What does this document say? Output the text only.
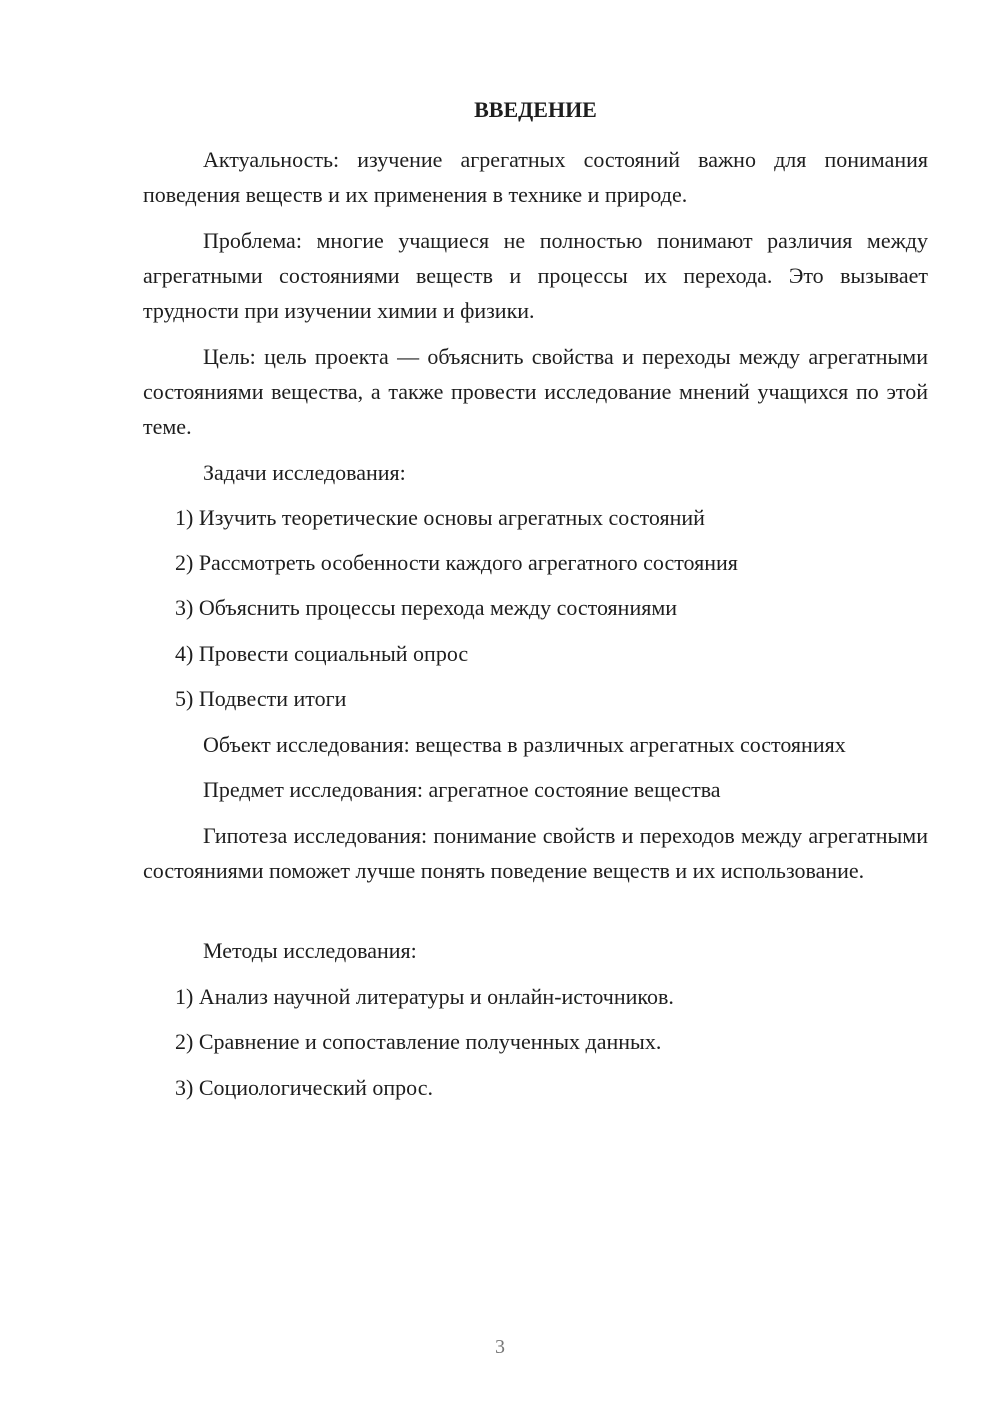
ВВЕДЕНИЕ

Актуальность: изучение агрегатных состояний важно для понимания поведения веществ и их применения в технике и природе.

Проблема: многие учащиеся не полностью понимают различия между агрегатными состояниями веществ и процессы их перехода. Это вызывает трудности при изучении химии и физики.

Цель: цель проекта — объяснить свойства и переходы между агрегатными состояниями вещества, а также провести исследование мнений учащихся по этой теме.

Задачи исследования:

1) Изучить теоретические основы агрегатных состояний

2) Рассмотреть особенности каждого агрегатного состояния

3) Объяснить процессы перехода между состояниями

4) Провести социальный опрос

5) Подвести итоги

Объект исследования: вещества в различных агрегатных состояниях

Предмет исследования: агрегатное состояние вещества

Гипотеза исследования: понимание свойств и переходов между агрегатными состояниями поможет лучше понять поведение веществ и их использование.

Методы исследования:

1) Анализ научной литературы и онлайн-источников.

2) Сравнение и сопоставление полученных данных.

3) Социологический опрос.

3
